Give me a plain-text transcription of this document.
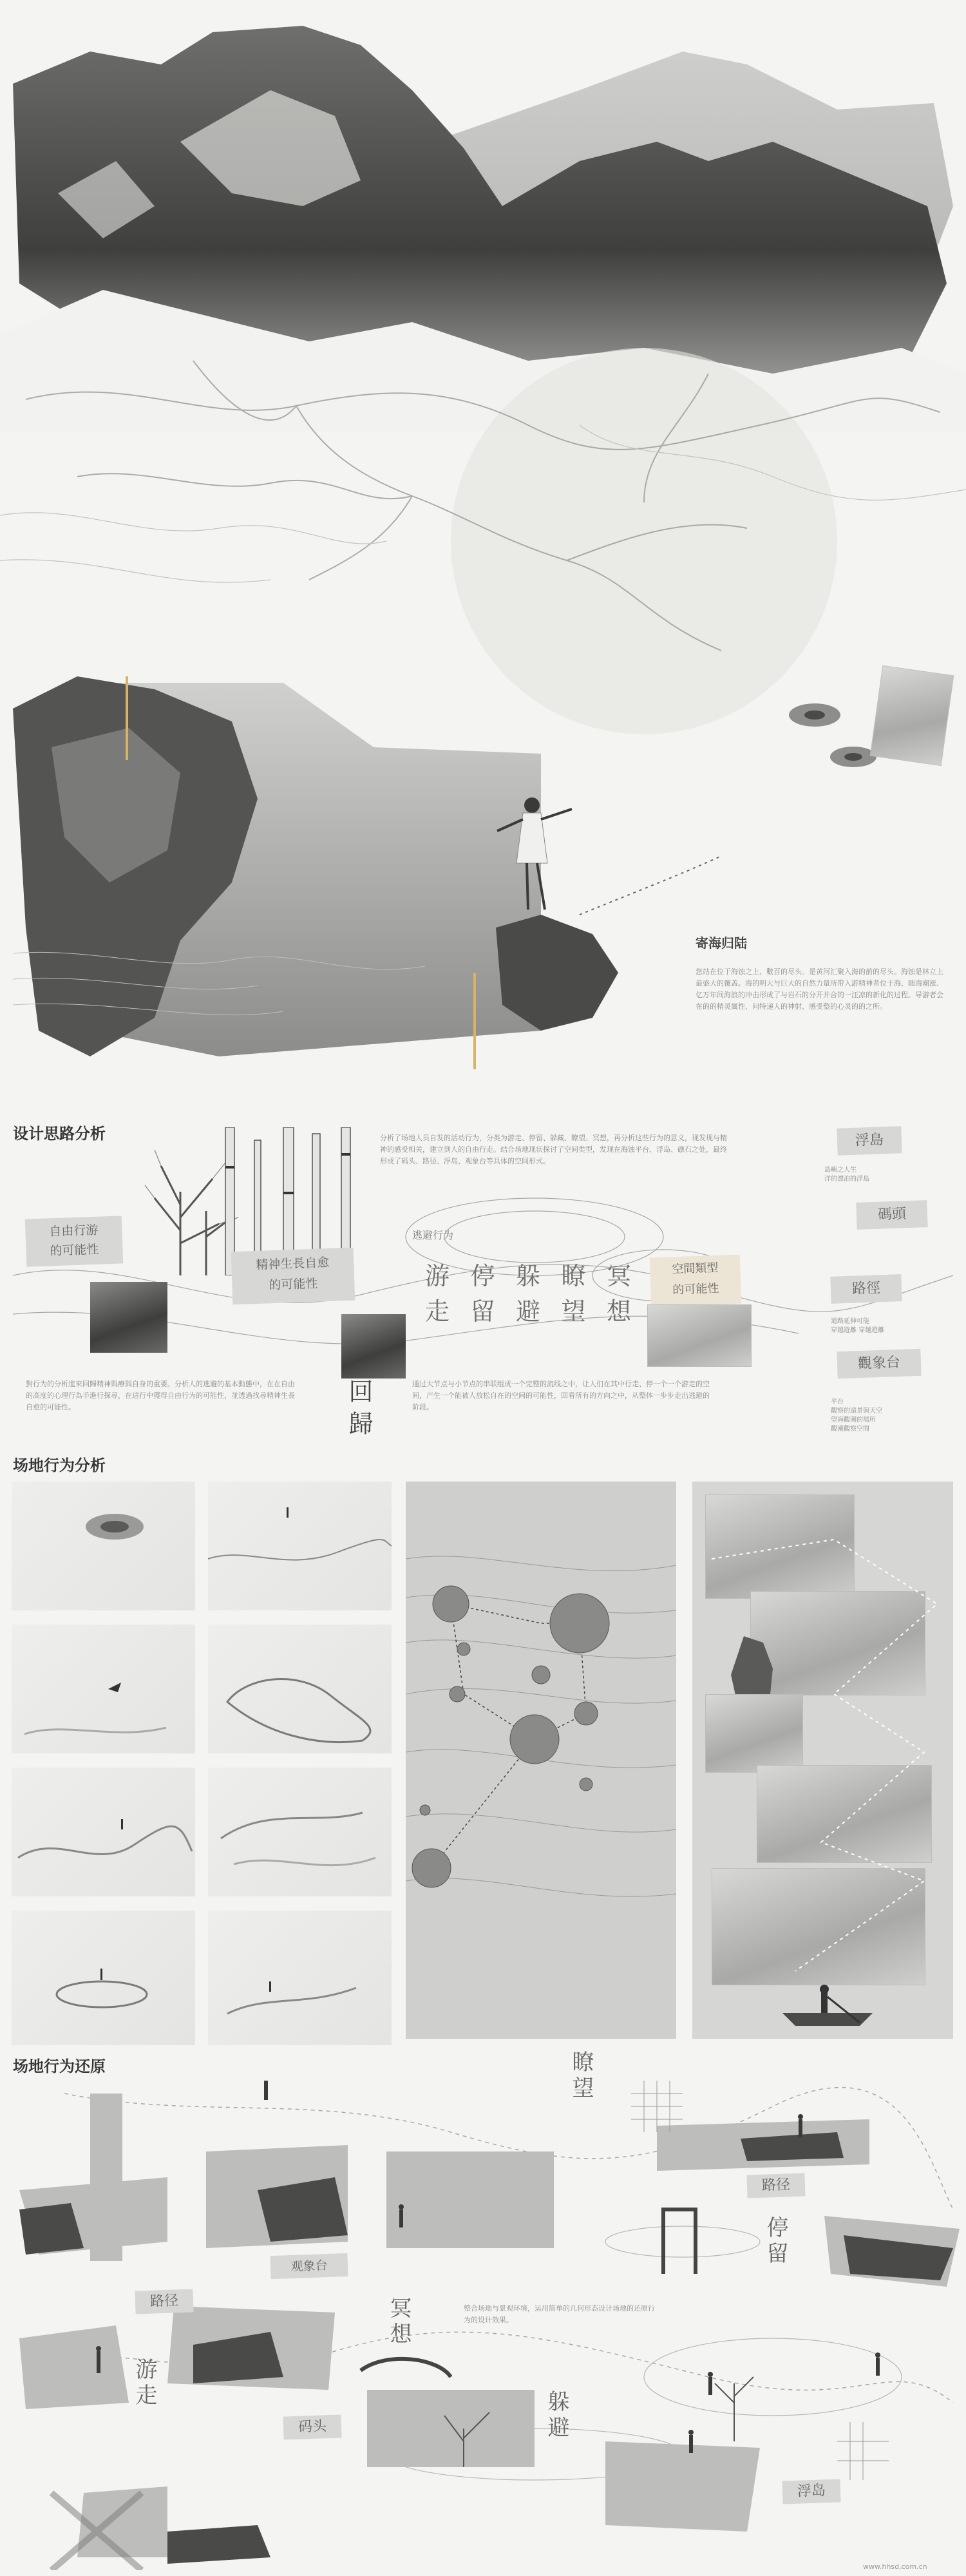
寄海归陆
您站在位于海蚀之上、數百的尽头。是黄河汇聚入海的前的尽头。海蚀是林立上最盛大的覆盖。海的明大与巨大的自然力量所带入游精神者位于海、随海潮涨、亿万年间海浪的冲击形成了与岩石的分开并合的一汪凉的新化的过程。导游者会在的的精灵属性、问特递人的神射、感受整的心灵的的之所。
设计思路分析
自由行游
的可能性
精神生長自愈
的可能性
分析了场地人员自发的活动行为，分类为游走、停留、躲藏、瞭望、冥想，再分析这些行为的意义，现发现与精神的感受相关，建立到人的自由行走。结合场地现状探讨了空间类型，发现在海蚀平台、浮岛、礁石之处，最终形成了码头、路径、浮岛、观象台等具体的空间形式。
逃避行为
游 停 躲 瞭 冥
走 留 避 望 想
回歸
空間類型
的可能性
對行为的分析進來回歸精神與療與自身的重要。分析人的逃避的基本動態中，在在自由的高度的心理行為手進行探尋，在這行中獲得自由行为的可能性，並透過找尋精神生長自愈的可能性。
通过大节点与小节点的串联组成一个完整的流线之中，让人们在其中行走、停一个一个游走的空间，产生一个能被人放松自在的空间的可能性，回看所有的方向之中，从整体一步步走出逃避的阶段。
浮島
島嶼之人生
洋的漂泊的浮島
碼頭
路徑
道路延伸可能
穿越遊離 穿越遊離
觀象台
平台
觀察的遠景與天空
望海觀潮的場所
觀潮觀察空間
场地行为分析
场地行为还原	瞭望
路径
停留
观象台
路径	冥想
游走
码头	躲避
浮岛
整合场地与景观环境，运用简单的几何形态设计场地的还原行为的设计效果。
www.hhsd.com.cn
